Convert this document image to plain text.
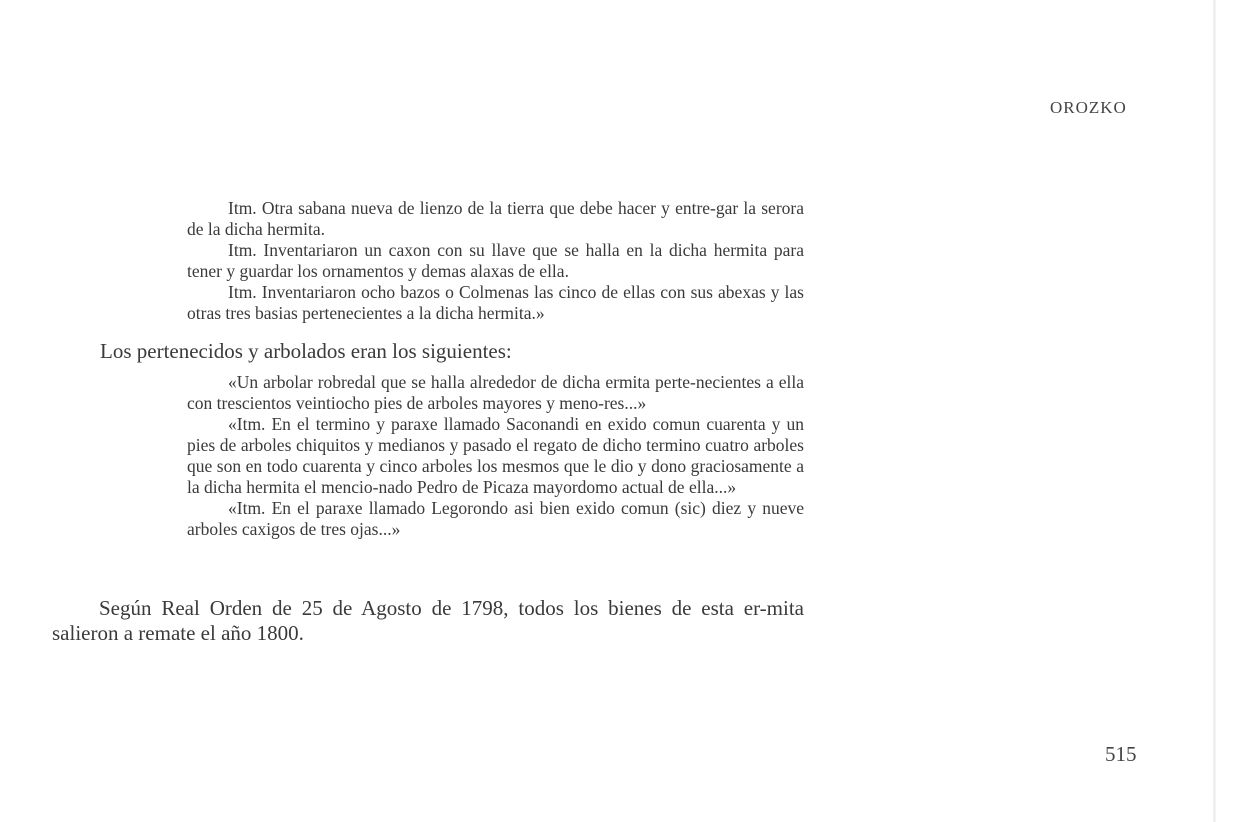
OROZKO

Itm. Otra sabana nueva de lienzo de la tierra que debe hacer y entre-gar la serora de la dicha hermita.

Itm. Inventariaron un caxon con su llave que se halla en la dicha hermita para tener y guardar los ornamentos y demas alaxas de ella.

Itm. Inventariaron ocho bazos o Colmenas las cinco de ellas con sus abexas y las otras tres basias pertenecientes a la dicha hermita.»

Los pertenecidos y arbolados eran los siguientes:

«Un arbolar robredal que se halla alrededor de dicha ermita perte-necientes a ella con trescientos veintiocho pies de arboles mayores y meno-res...»

«Itm. En el termino y paraxe llamado Saconandi en exido comun cuarenta y un pies de arboles chiquitos y medianos y pasado el regato de dicho termino cuatro arboles que son en todo cuarenta y cinco arboles los mesmos que le dio y dono graciosamente a la dicha hermita el mencio-nado Pedro de Picaza mayordomo actual de ella...»

«Itm. En el paraxe llamado Legorondo asi bien exido comun (sic) diez y nueve arboles caxigos de tres ojas...»

Según Real Orden de 25 de Agosto de 1798, todos los bienes de esta er-mita salieron a remate el año 1800.

515
